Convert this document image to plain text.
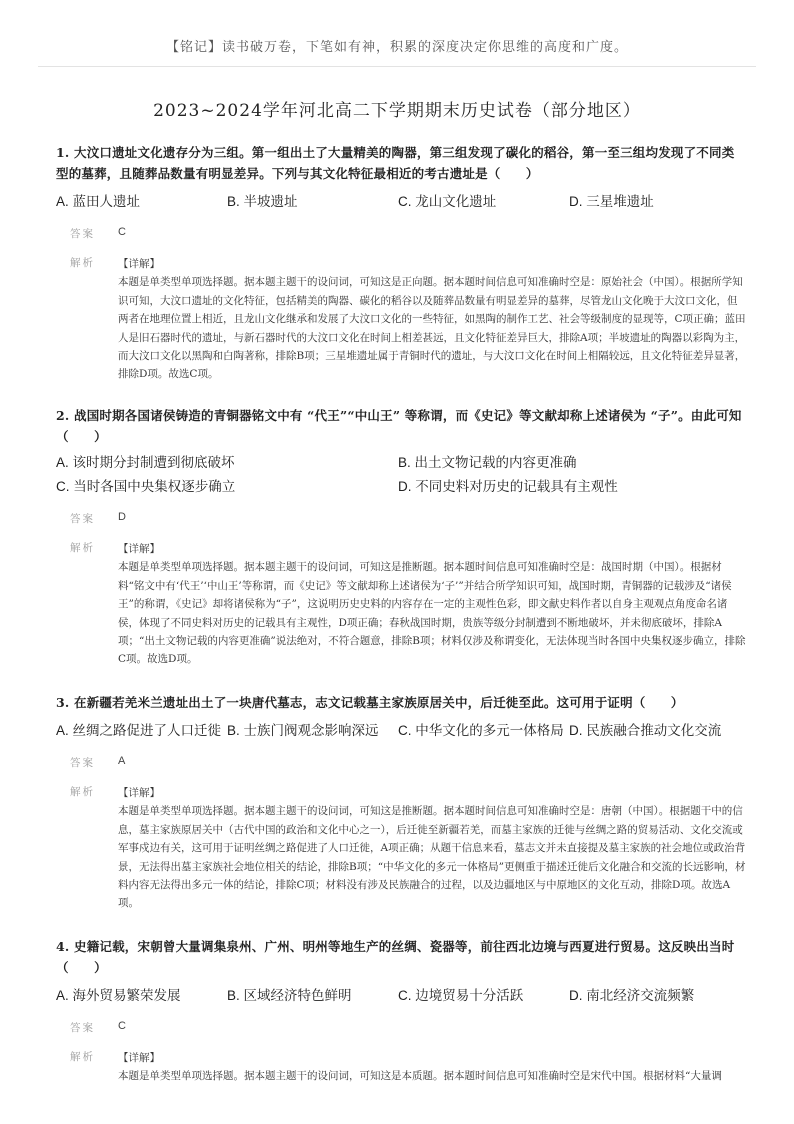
【铭记】读书破万卷，下笔如有神，积累的深度决定你思维的高度和广度。
2023~2024学年河北高二下学期期末历史试卷（部分地区）
1. 大汶口遗址文化遗存分为三组。第一组出土了大量精美的陶器，第三组发现了碳化的稻谷，第一至三组均发现了不同类型的墓葬，且随葬品数量有明显差异。下列与其文化特征最相近的考古遗址是（　　）
A. 蓝田人遗址	B. 半坡遗址	C. 龙山文化遗址	D. 三星堆遗址
答案	C
解析	【详解】
本题是单类型单项选择题。据本题主题干的设问词，可知这是正向题。据本题时间信息可知准确时空是：原始社会（中国）。根据所学知识可知，大汶口遗址的文化特征，包括精美的陶器、碳化的稻谷以及随葬品数量有明显差异的墓葬，尽管龙山文化晚于大汶口文化，但两者在地理位置上相近，且龙山文化继承和发展了大汶口文化的一些特征，如黑陶的制作工艺、社会等级制度的显现等，C项正确；蓝田人是旧石器时代的遗址，与新石器时代的大汶口文化在时间上相差甚远，且文化特征差异巨大，排除A项；半坡遗址的陶器以彩陶为主，而大汶口文化以黑陶和白陶著称，排除B项；三星堆遗址属于青铜时代的遗址，与大汶口文化在时间上相隔较远，且文化特征差异显著，排除D项。故选C项。
2. 战国时期各国诸侯铸造的青铜器铭文中有 “代王”“中山王” 等称谓，而《史记》等文献却称上述诸侯为 “子”。由此可知（　　）
A. 该时期分封制遭到彻底破坏	B. 出土文物记载的内容更准确
C. 当时各国中央集权逐步确立	D. 不同史料对历史的记载具有主观性
答案	D
解析	【详解】
本题是单类型单项选择题。据本题主题干的设问词，可知这是推断题。据本题时间信息可知准确时空是：战国时期（中国）。根据材料“铭文中有‘代王’‘中山王’等称谓，而《史记》等文献却称上述诸侯为‘子’”并结合所学知识可知，战国时期，青铜器的记载涉及“诸侯王”的称谓，《史记》却将诸侯称为“子”，这说明历史史料的内容存在一定的主观性色彩，即文献史料作者以自身主观观点角度命名诸侯，体现了不同史料对历史的记载具有主观性，D项正确；春秋战国时期，贵族等级分封制遭到不断地破坏，并未彻底破坏，排除A项；“出土文物记载的内容更准确”说法绝对，不符合题意，排除B项；材料仅涉及称谓变化，无法体现当时各国中央集权逐步确立，排除C项。故选D项。
3. 在新疆若羌米兰遗址出土了一块唐代墓志，志文记载墓主家族原居关中，后迁徙至此。这可用于证明（　　）
A. 丝绸之路促进了人口迁徙 B. 士族门阀观念影响深远	C. 中华文化的多元一体格局 D. 民族融合推动文化交流
答案	A
解析	【详解】
本题是单类型单项选择题。据本题主题干的设问词，可知这是推断题。据本题时间信息可知准确时空是：唐朝（中国）。根据题干中的信息，墓主家族原居关中（古代中国的政治和文化中心之一），后迁徙至新疆若羌，而墓主家族的迁徙与丝绸之路的贸易活动、文化交流或军事戍边有关，这可用于证明丝绸之路促进了人口迁徙，A项正确；从题干信息来看，墓志文并未直接提及墓主家族的社会地位或政治背景，无法得出墓主家族社会地位相关的结论，排除B项；“中华文化的多元一体格局”更侧重于描述迁徙后文化融合和交流的长远影响，材料内容无法得出多元一体的结论，排除C项；材料没有涉及民族融合的过程，以及边疆地区与中原地区的文化互动，排除D项。故选A项。
4. 史籍记载，宋朝曾大量调集泉州、广州、明州等地生产的丝绸、瓷器等，前往西北边境与西夏进行贸易。这反映出当时（　　）
A. 海外贸易繁荣发展	B. 区域经济特色鲜明	C. 边境贸易十分活跃	D. 南北经济交流频繁
答案	C
解析	【详解】
本题是单类型单项选择题。据本题主题干的设问词，可知这是本质题。据本题时间信息可知准确时空是宋代中国。根据材料“大量调
